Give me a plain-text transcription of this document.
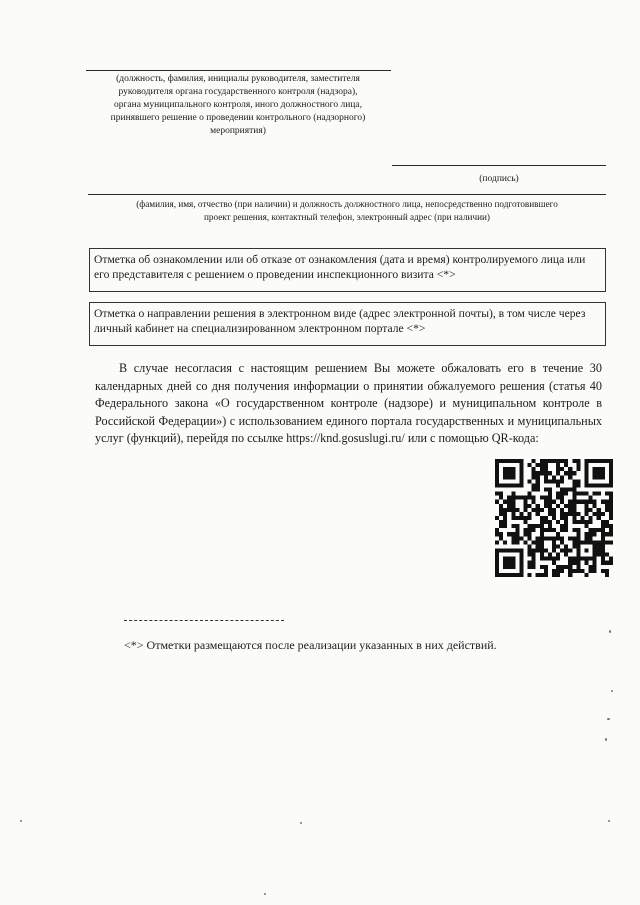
(должность, фамилия, инициалы руководителя, заместителя
руководителя органа государственного контроля (надзора),
органа муниципального контроля, иного должностного лица,
принявшего решение о проведении контрольного (надзорного)
мероприятия)
(подпись)
(фамилия, имя, отчество (при наличии) и должность должностного лица, непосредственно подготовившего
проект решения, контактный телефон, электронный адрес (при наличии)
Отметка об ознакомлении или об отказе от ознакомления (дата и время) контролируемого лица или его представителя с решением о проведении инспекционного визита <*>
Отметка о направлении решения в электронном виде (адрес электронной почты), в том числе через личный кабинет на специализированном электронном портале <*>
В случае несогласия с настоящим решением Вы можете обжаловать его в течение 30 календарных дней со дня получения информации о принятии обжалуемого решения (статья 40 Федерального закона «О государственном контроле (надзоре) и муниципальном контроле в Российской Федерации») с использованием единого портала государственных и муниципальных услуг (функций), перейдя по ссылке https://knd.gosuslugi.ru/ или с помощью QR-кода:
<*> Отметки размещаются после реализации указанных в них действий.
